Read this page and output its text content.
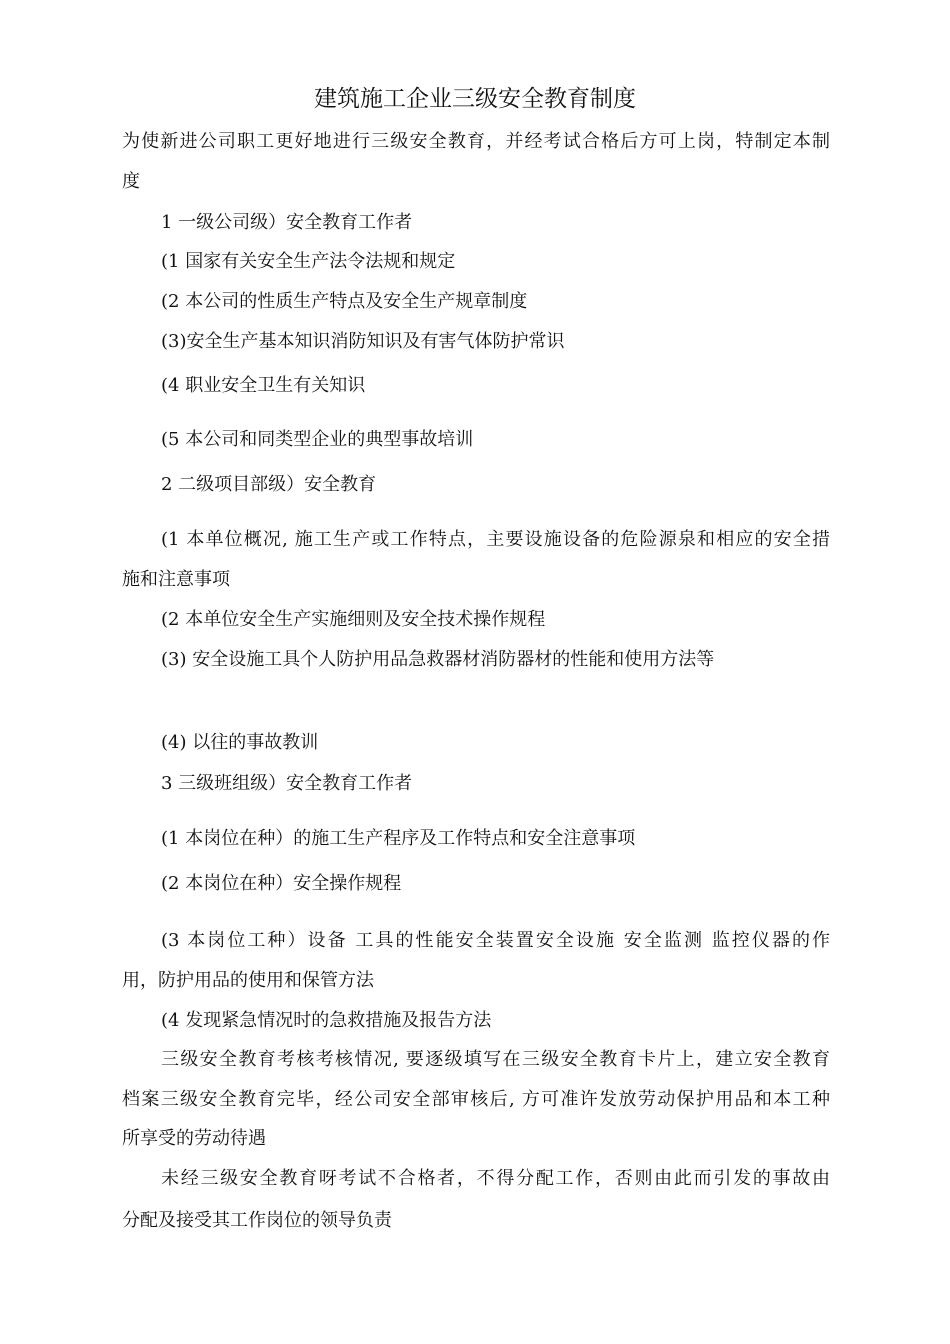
建筑施工企业三级安全教育制度
为使新进公司职工更好地进行三级安全教育，并经考试合格后方可上岗，特制定本制
度
1 一级公司级）安全教育工作者
(1 国家有关安全生产法令法规和规定
(2 本公司的性质生产特点及安全生产规章制度
(3)安全生产基本知识消防知识及有害气体防护常识
(4 职业安全卫生有关知识
(5 本公司和同类型企业的典型事故培训
2 二级项目部级）安全教育
(1 本单位概况, 施工生产或工作特点，主要设施设备的危险源泉和相应的安全措
施和注意事项
(2 本单位安全生产实施细则及安全技术操作规程
(3) 安全设施工具个人防护用品急救器材消防器材的性能和使用方法等
(4) 以往的事故教训
3 三级班组级）安全教育工作者
(1 本岗位在种）的施工生产程序及工作特点和安全注意事项
(2 本岗位在种）安全操作规程
(3 本岗位工种）设备 工具的性能安全装置安全设施 安全监测 监控仪器的作
用，防护用品的使用和保管方法
(4 发现紧急情况时的急救措施及报告方法
三级安全教育考核考核情况, 要逐级填写在三级安全教育卡片上，建立安全教育
档案三级安全教育完毕，经公司安全部审核后, 方可准许发放劳动保护用品和本工种
所享受的劳动待遇
未经三级安全教育呀考试不合格者，不得分配工作，否则由此而引发的事故由
分配及接受其工作岗位的领导负责
